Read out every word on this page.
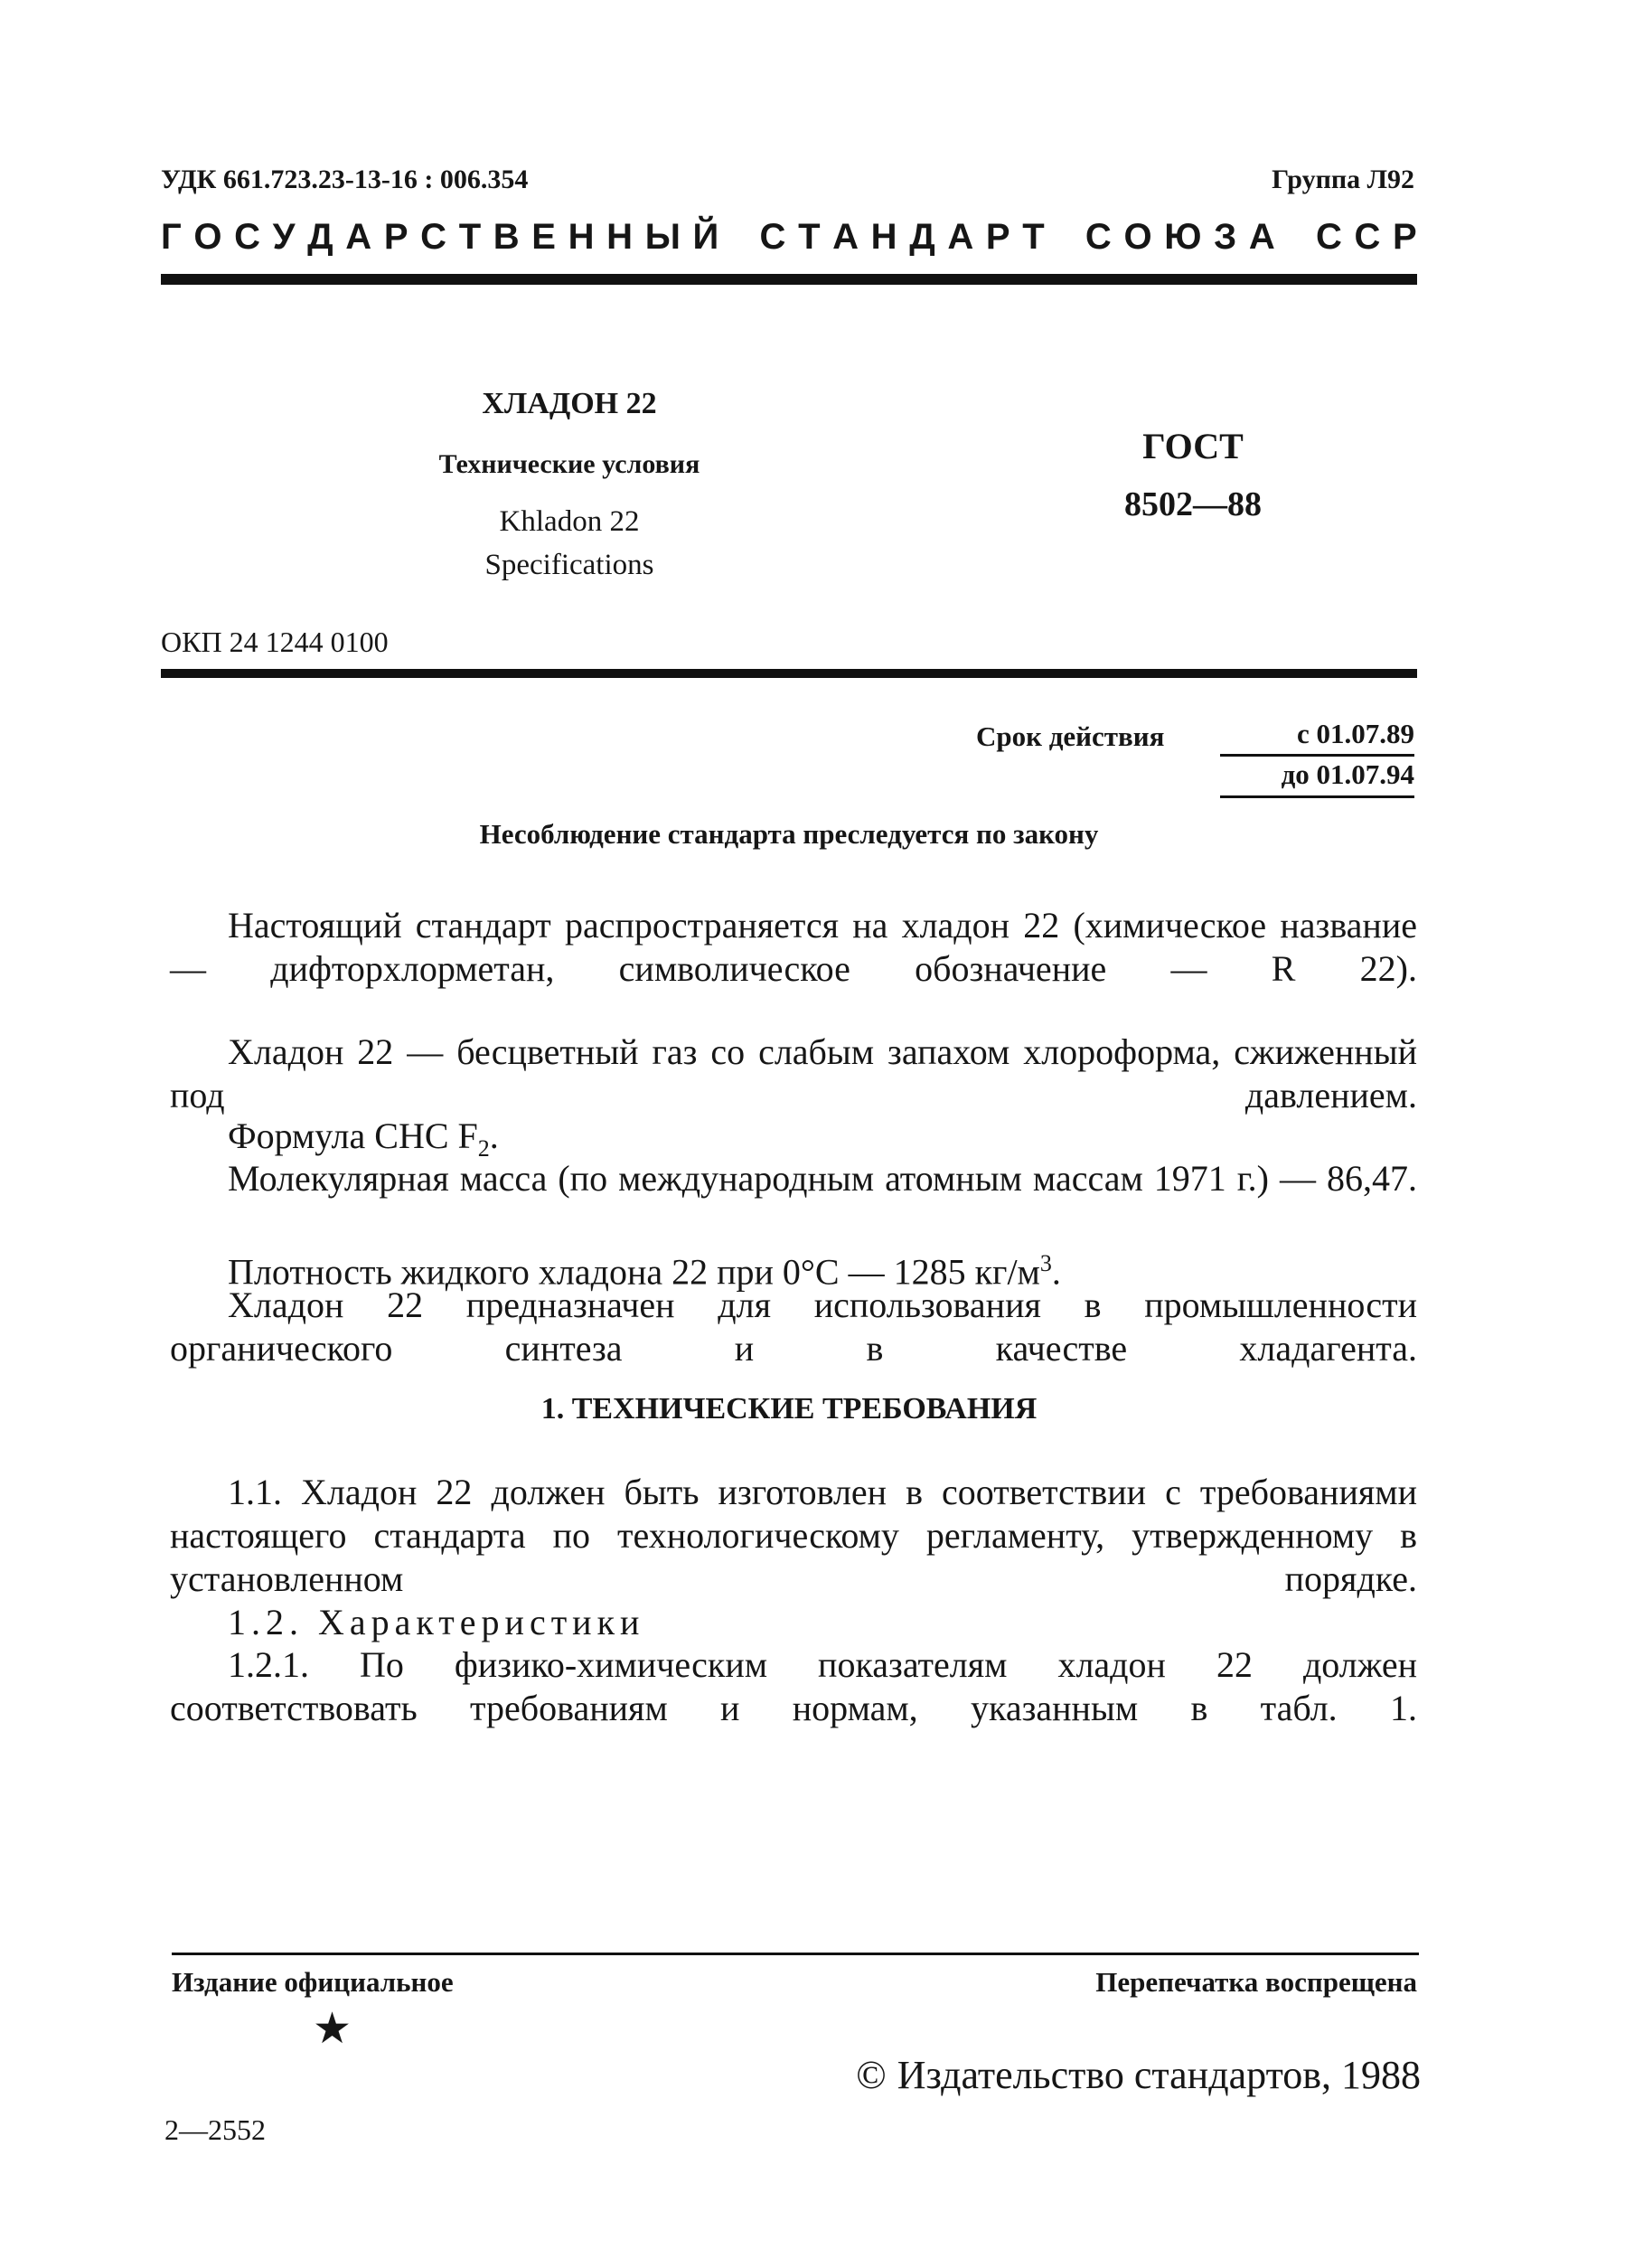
УДК 661.723.23-13-16 : 006.354	Группа Л92
Г О С У Д А Р С Т В Е Н Н Ы Й
С Т А Н Д А Р Т
С О Ю З А
С С Р
ХЛАДОН 22
Технические условия
Khladon 22
Specifications
ГОСТ
8502—88
ОКП 24 1244 0100
Срок действия	с 01.07.89
до 01.07.94
Несоблюдение стандарта преследуется по закону
Настоящий стандарт распространяется на хладон 22 (химическое название — дифторхлорметан, символическое обозначение — R 22).
Хладон 22 — бесцветный газ со слабым запахом хлороформа, сжиженный под давлением.
Формула CHC $F_2$.
Молекулярная масса (по международным атомным массам 1971 г.) — 86,47.
Плотность жидкого хладона 22 при 0°С — 1285 $кг/м^3$.
Хладон 22 предназначен для использования в промышленности органического синтеза и в качестве хладагента.
1. ТЕХНИЧЕСКИЕ ТРЕБОВАНИЯ
1.1. Хладон 22 должен быть изготовлен в соответствии с требованиями настоящего стандарта по технологическому регламенту, утвержденному в установленном порядке.
1.2. Характеристики
1.2.1. По физико-химическим показателям хладон 22 должен соответствовать требованиям и нормам, указанным в табл. 1.
Издание официальное	Перепечатка воспрещена
★
© Издательство стандартов, 1988
2—2552
